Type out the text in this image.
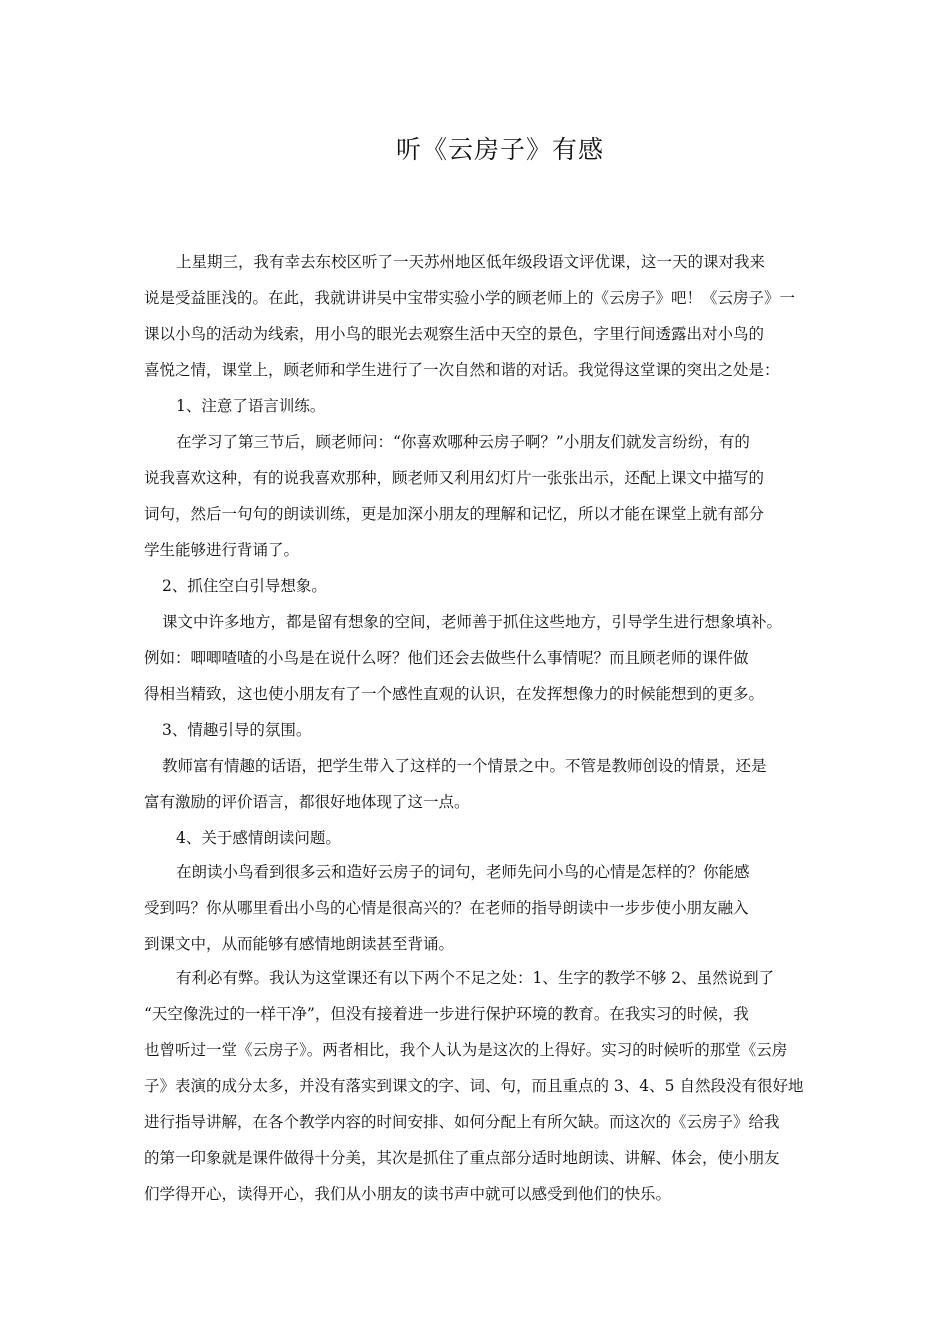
听《云房子》有感
上星期三，我有幸去东校区听了一天苏州地区低年级段语文评优课，这一天的课对我来
说是受益匪浅的。在此，我就讲讲吴中宝带实验小学的顾老师上的《云房子》吧！《云房子》一
课以小鸟的活动为线索，用小鸟的眼光去观察生活中天空的景色，字里行间透露出对小鸟的
喜悦之情，课堂上，顾老师和学生进行了一次自然和谐的对话。我觉得这堂课的突出之处是：
1、注意了语言训练。
在学习了第三节后，顾老师问：“你喜欢哪种云房子啊？”小朋友们就发言纷纷，有的
说我喜欢这种，有的说我喜欢那种，顾老师又利用幻灯片一张张出示，还配上课文中描写的
词句，然后一句句的朗读训练，更是加深小朋友的理解和记忆，所以才能在课堂上就有部分
学生能够进行背诵了。
2、抓住空白引导想象。
课文中许多地方，都是留有想象的空间，老师善于抓住这些地方，引导学生进行想象填补。
例如：唧唧喳喳的小鸟是在说什么呀？他们还会去做些什么事情呢？而且顾老师的课件做
得相当精致，这也使小朋友有了一个感性直观的认识，在发挥想像力的时候能想到的更多。
3、情趣引导的氛围。
教师富有情趣的话语，把学生带入了这样的一个情景之中。不管是教师创设的情景，还是
富有激励的评价语言，都很好地体现了这一点。
4、关于感情朗读问题。
在朗读小鸟看到很多云和造好云房子的词句，老师先问小鸟的心情是怎样的？你能感
受到吗？你从哪里看出小鸟的心情是很高兴的？在老师的指导朗读中一步步使小朋友融入
到课文中，从而能够有感情地朗读甚至背诵。
有利必有弊。我认为这堂课还有以下两个不足之处：1、生字的教学不够 2、虽然说到了
“天空像洗过的一样干净”，但没有接着进一步进行保护环境的教育。在我实习的时候，我
也曾听过一堂《云房子》。两者相比，我个人认为是这次的上得好。实习的时候听的那堂《云房
子》表演的成分太多，并没有落实到课文的字、词、句，而且重点的 3、4、5 自然段没有很好地
进行指导讲解，在各个教学内容的时间安排、如何分配上有所欠缺。而这次的《云房子》给我
的第一印象就是课件做得十分美，其次是抓住了重点部分适时地朗读、讲解、体会，使小朋友
们学得开心，读得开心，我们从小朋友的读书声中就可以感受到他们的快乐。
